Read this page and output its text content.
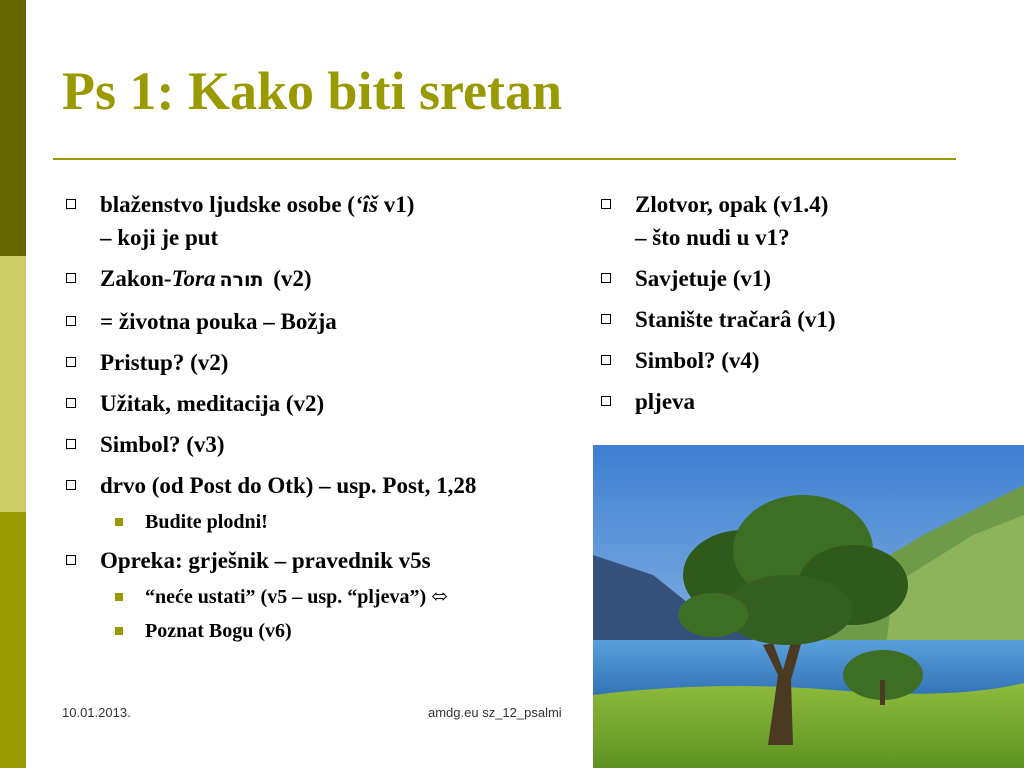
Ps 1: Kako biti sretan
blaženstvo ljudske osobe (‘îš v1)
– koji je put
Zakon-Tora תורה (v2)
= životna pouka – Božja
Pristup? (v2)
Užitak, meditacija (v2)
Simbol? (v3)
drvo (od Post do Otk) – usp. Post, 1,28
Budite plodni!
Opreka: grješnik – pravednik v5s
“neće ustati” (v5 – usp. “pljeva”) ⬄
Poznat Bogu (v6)
Zlotvor, opak (v1.4)
– što nudi u v1?
Savjetuje (v1)
Stanište tračarâ (v1)
Simbol? (v4)
pljeva
10.01.2013.	amdg.eu sz_12_psalmi
